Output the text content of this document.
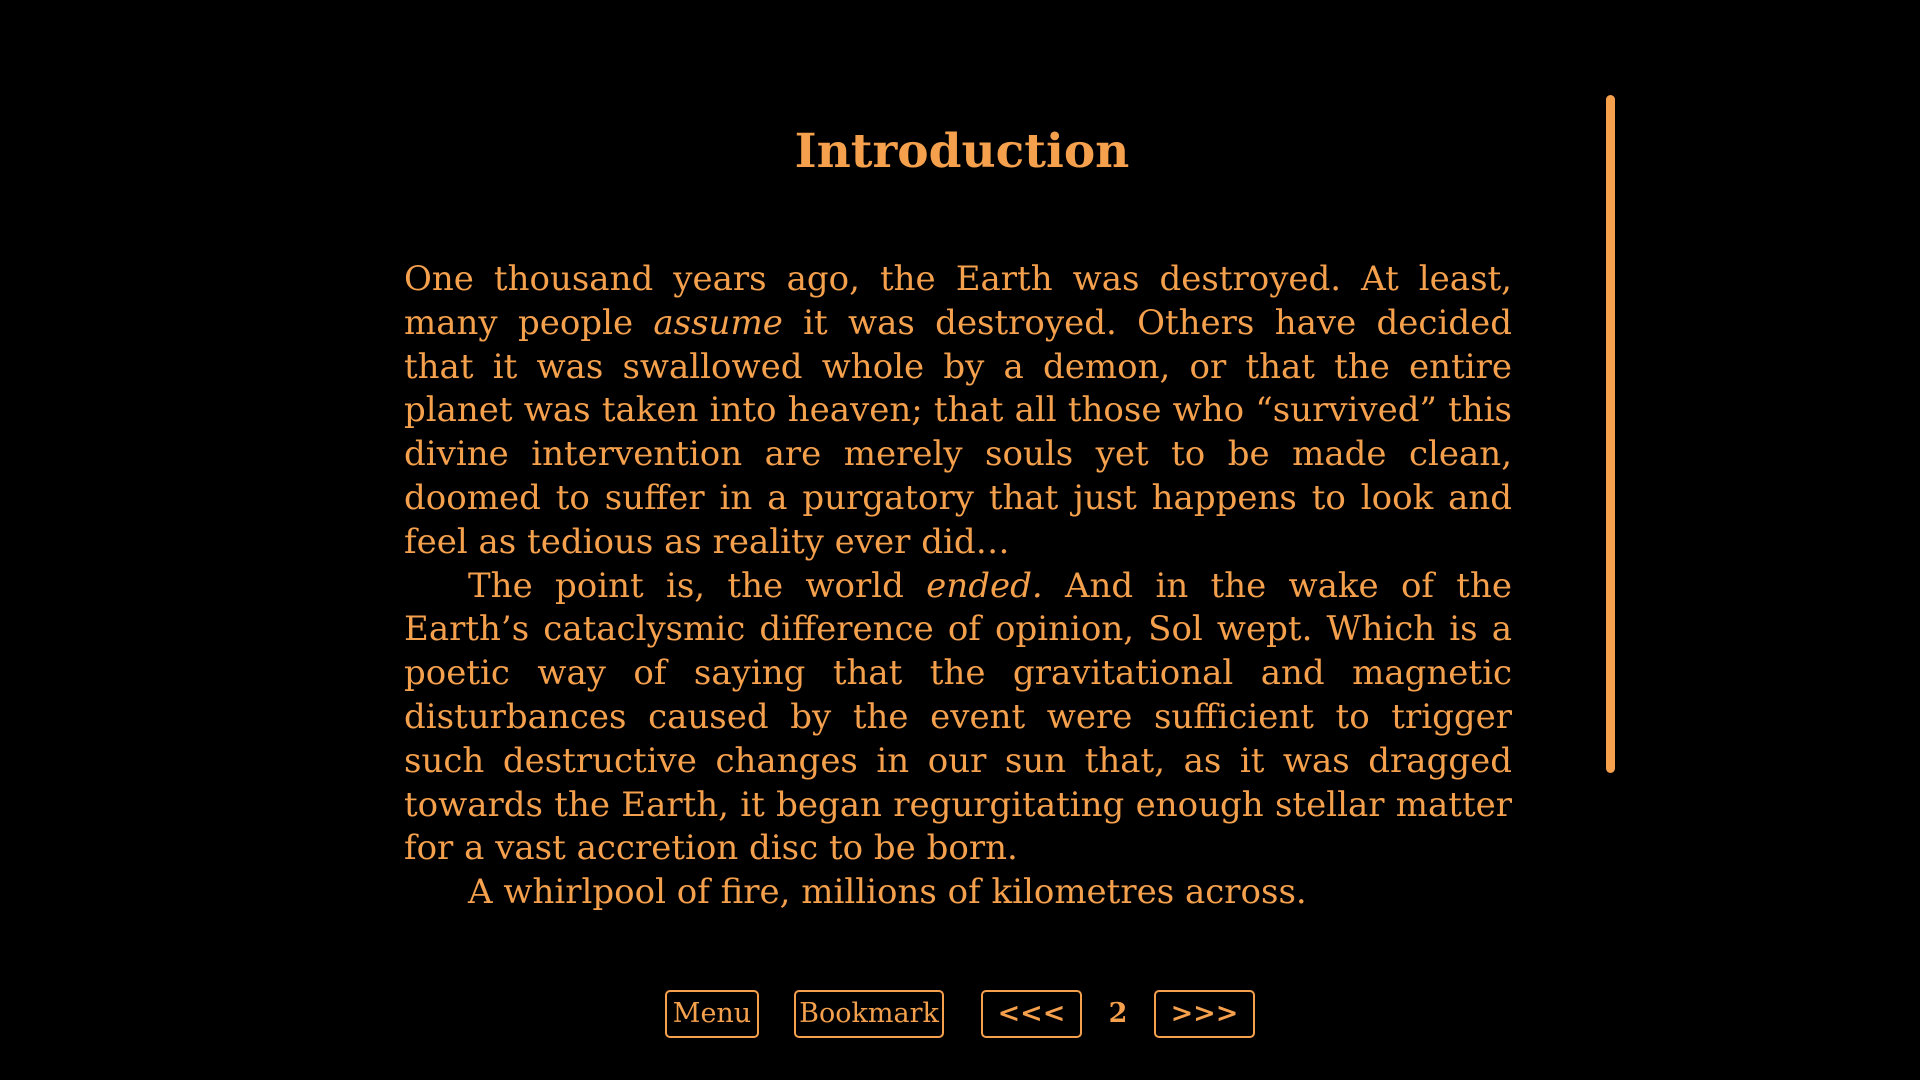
Introduction

One thousand years ago, the Earth was destroyed. At least, many people assume it was destroyed. Others have decided that it was swallowed whole by a demon, or that the entire planet was taken into heaven; that all those who “survived” this divine intervention are merely souls yet to be made clean, doomed to suffer in a purgatory that just happens to look and feel as tedious as reality ever did…

The point is, the world ended. And in the wake of the Earth’s cataclysmic difference of opinion, Sol wept. Which is a poetic way of saying that the gravitational and magnetic disturbances caused by the event were sufficient to trigger such destructive changes in our sun that, as it was dragged towards the Earth, it began regurgitating enough stellar matter for a vast accretion disc to be born.

A whirlpool of fire, millions of kilometres across.

Menu Bookmark	<<<	2	>>>
